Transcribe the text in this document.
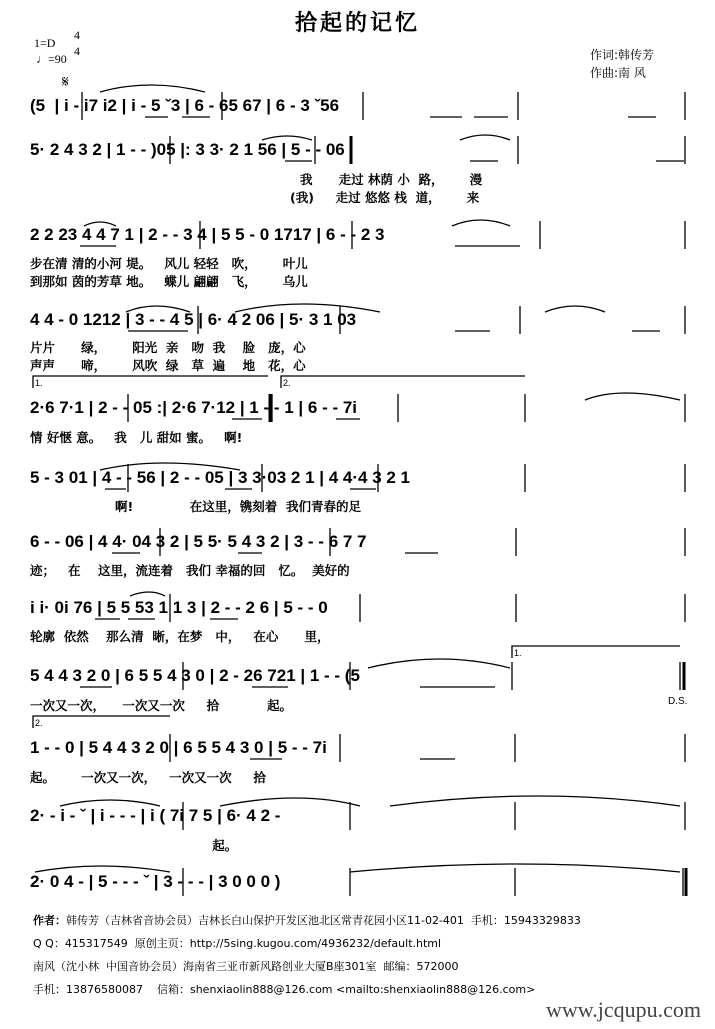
拾起的记忆
1=D
4
4
♩=90	作词:韩传芳
作曲:南 风
𝄋
(5  | i - i7 i2 | i - 5 ˇ3 | 6 - 65 67 | 6 - 3 ˇ56
5· 2 4 3 2 | 1 - - )05 |: 3 3· 2 1 56 | 5 - - 06
我      走过 林荫 小  路，      漫
(我)     走过 悠悠 栈  道，      来
2 2 23 4 4 7 1 | 2 - - 3 4 | 5 5 - 0 1717 | 6 - - 2 3
步在清 清的小河 堤。   风儿 轻轻   吹，      叶儿
到那如 茵的芳草 地。   蝶儿 翩翩   飞，      乌儿
4 4 - 0 1212 | 3 - - 4 5 | 6· 4 2 06 | 5· 3 1 03
片片      绿，      阳光  亲   吻  我    脸   庞，心
声声      啼，      风吹  绿   草  遍    地   花，心
1.	2.
2·6 7·1 | 2 - - 05 :| 2·6 7·12 | 1 - - 1 | 6 - - 7i
情 好惬 意。   我   儿 甜如 蜜。   啊!
5 - 3 01 | 4 - - 56 | 2 - - 05 | 3 3·03 2 1 | 4 4·4 3 2 1
啊!             在这里，镌刻着  我们青春的足
6 - - 06 | 4 4· 04 3 2 | 5 5· 5 4 3 2 | 3 - - 6 7 7
迹；   在    这里，流连着   我们 幸福的回   忆。  美好的
i i· 0i 76 | 5 5 53 1 1 3 | 2 - - 2 6 | 5 - - 0
轮廓  依然    那么清  晰，在梦   中，   在心      里，
1.
5 4 4 3 2 0 | 6 5 5 4 3 0 | 2 - 26 721 | 1 - - (5
一次又一次，    一次又一次     拾           起。	D.S.
2.
1 - - 0 | 5 4 4 3 2 0 | 6 5 5 4 3 0 | 5 - - 7i
起。      一次又一次，   一次又一次     拾
2· - i - ˇ | i - - - | i ( 7i 7 5 | 6· 4 2 -
起。
2· 0 4 - | 5 - - - ˇ | 3 - - - | 3 0 0 0 )
作者：韩传芳（吉林省音协会员）吉林长白山保护开发区池北区常青花园小区11-02-401  手机：15943329833
Q Q：415317549  原创主页：http://5sing.kugou.com/4936232/default.html
南风（沈小林  中国音协会员）海南省三亚市新风路创业大厦B座301室  邮编：572000
手机：13876580087    信箱：shenxiaolin888@126.com <mailto:shenxiaolin888@126.com>
www.jcqupu.com
